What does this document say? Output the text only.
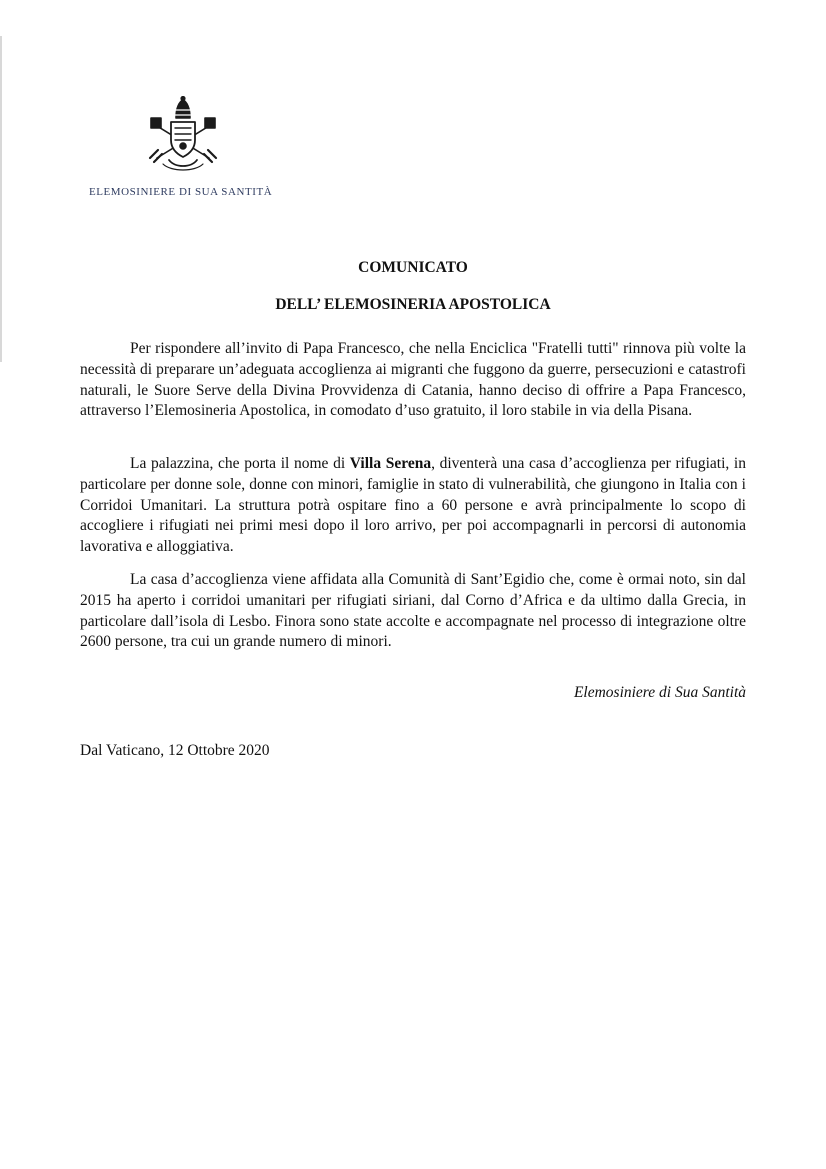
ELEMOSINIERE DI SUA SANTITÀ
COMUNICATO
DELL’ ELEMOSINERIA APOSTOLICA

Per rispondere all’invito di Papa Francesco, che nella Enciclica "Fratelli tutti" rinnova più volte la necessità di preparare un’adeguata accoglienza ai migranti che fuggono da guerre, persecuzioni e catastrofi naturali, le Suore Serve della Divina Provvidenza di Catania, hanno deciso di offrire a Papa Francesco, attraverso l’Elemosineria Apostolica, in comodato d’uso gratuito, il loro stabile in via della Pisana.

La palazzina, che porta il nome di Villa Serena, diventerà una casa d’accoglienza per rifugiati, in particolare per donne sole, donne con minori, famiglie in stato di vulnerabilità, che giungono in Italia con i Corridoi Umanitari. La struttura potrà ospitare fino a 60 persone e avrà principalmente lo scopo di accogliere i rifugiati nei primi mesi dopo il loro arrivo, per poi accompagnarli in percorsi di autonomia lavorativa e alloggiativa.

La casa d’accoglienza viene affidata alla Comunità di Sant’Egidio che, come è ormai noto, sin dal 2015 ha aperto i corridoi umanitari per rifugiati siriani, dal Corno d’Africa e da ultimo dalla Grecia, in particolare dall’isola di Lesbo. Finora sono state accolte e accompagnate nel processo di integrazione oltre 2600 persone, tra cui un grande numero di minori.

Elemosiniere di Sua Santità
Dal Vaticano, 12 Ottobre 2020
